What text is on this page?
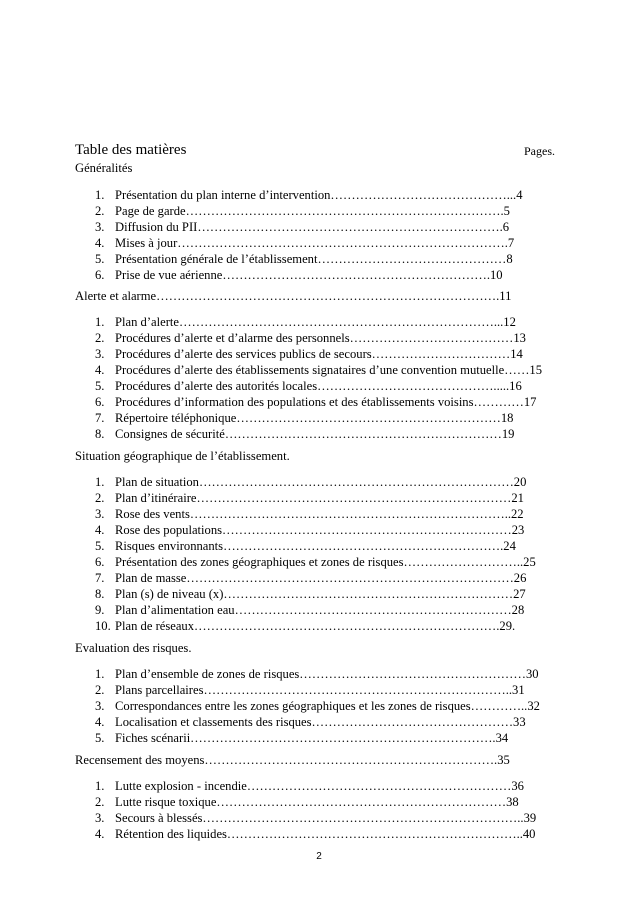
Table des matières	Pages.
Généralités
1. Présentation du plan interne d’intervention……………………………………...4
2. Page de garde………………………………………………………………….5
3. Diffusion du PII……………………………………………………………….6
4. Mises à jour…………………………………………………………………….7
5. Présentation générale de l’établissement………………………………………8
6. Prise de vue aérienne……………………………………………………….10
Alerte et alarme……………………………………………………………………….11
1. Plan d’alerte…………………………………………………………………...12
2. Procédures d’alerte et d’alarme des personnels…………………………………13
3. Procédures d’alerte des services publics de secours……………………………14
4. Procédures d’alerte des établissements signataires d’une convention mutuelle……15
5. Procédures d’alerte des autorités locales…………………………………….....16
6. Procédures d’information des populations et des établissements voisins…………17
7. Répertoire téléphonique………………………………………………………18
8. Consignes de sécurité…………………………………………………………19
Situation géographique de l’établissement.
1. Plan de situation…………………………………………………………………20
2. Plan d’itinéraire…………………………………………………………………21
3. Rose des vents…………………………………………………………………..22
4. Rose des populations……………………………………………………………23
5. Risques environnants………………………………………………………….24
6. Présentation des zones géographiques et zones de risques………………………..25
7. Plan de masse……………………………………………………………………26
8. Plan (s) de niveau (x)……………………………………………………………27
9. Plan d’alimentation eau…………………………………………………………28
10. Plan de réseaux……………………………………………………………….29.
Evaluation des risques.
1. Plan d’ensemble de zones de risques………………………………………………30
2. Plans parcellaires………………………………………………………………..31
3. Correspondances entre les zones géographiques et les zones de risques…………..32
4. Localisation et classements des risques…………………………………………33
5. Fiches scénarii……………………………………………………………….34
Recensement des moyens…………………………………………………………….35
1. Lutte explosion - incendie………………………………………………………36
2. Lutte risque toxique……………………………………………………………38
3. Secours à blessés…………………………………………………………………..39
4. Rétention des liquides……………………………………………………………..40
2
